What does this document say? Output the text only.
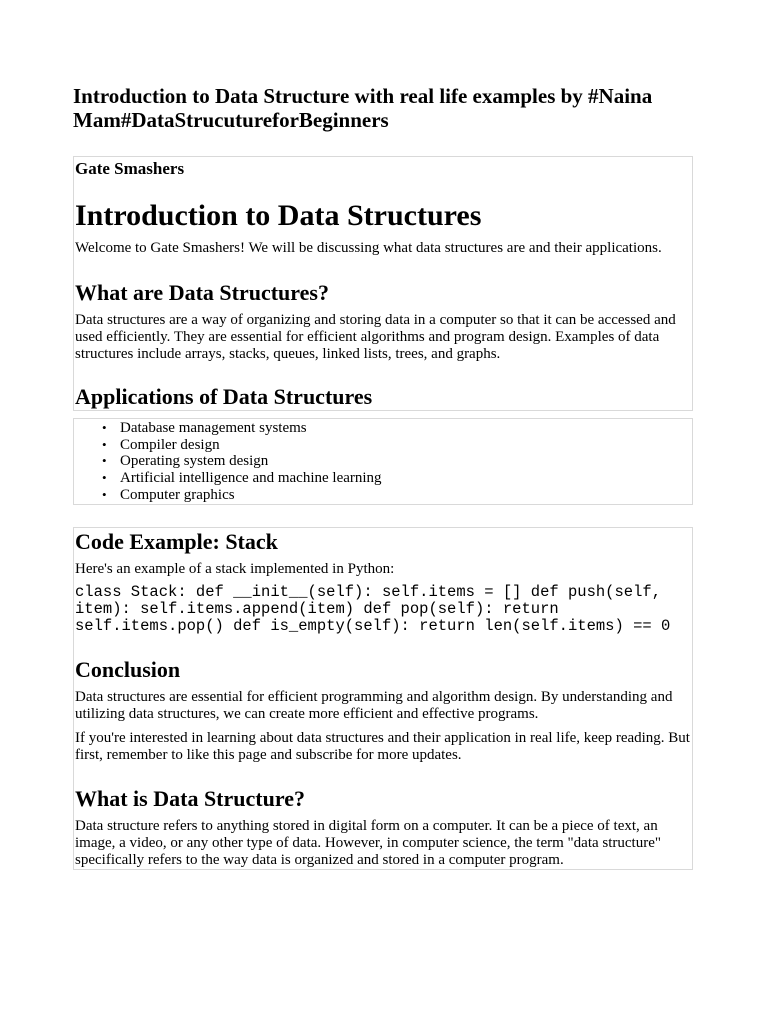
Introduction to Data Structure with real life examples by #Naina Mam#DataStrucutureforBeginners
Gate Smashers
Introduction to Data Structures

Welcome to Gate Smashers! We will be discussing what data structures are and their applications.

What are Data Structures?

Data structures are a way of organizing and storing data in a computer so that it can be accessed and used efficiently. They are essential for efficient algorithms and program design. Examples of data structures include arrays, stacks, queues, linked lists, trees, and graphs.

Applications of Data Structures
• Database management systems
• Compiler design
• Operating system design
• Artificial intelligence and machine learning
• Computer graphics
Code Example: Stack

Here's an example of a stack implemented in Python:

class Stack: def __init__(self): self.items = [] def push(self, item): self.items.append(item) def pop(self): return self.items.pop() def is_empty(self): return len(self.items) == 0
Conclusion

Data structures are essential for efficient programming and algorithm design. By understanding and utilizing data structures, we can create more efficient and effective programs.

If you're interested in learning about data structures and their application in real life, keep reading. But first, remember to like this page and subscribe for more updates.

What is Data Structure?

Data structure refers to anything stored in digital form on a computer. It can be a piece of text, an image, a video, or any other type of data. However, in computer science, the term "data structure" specifically refers to the way data is organized and stored in a computer program.
